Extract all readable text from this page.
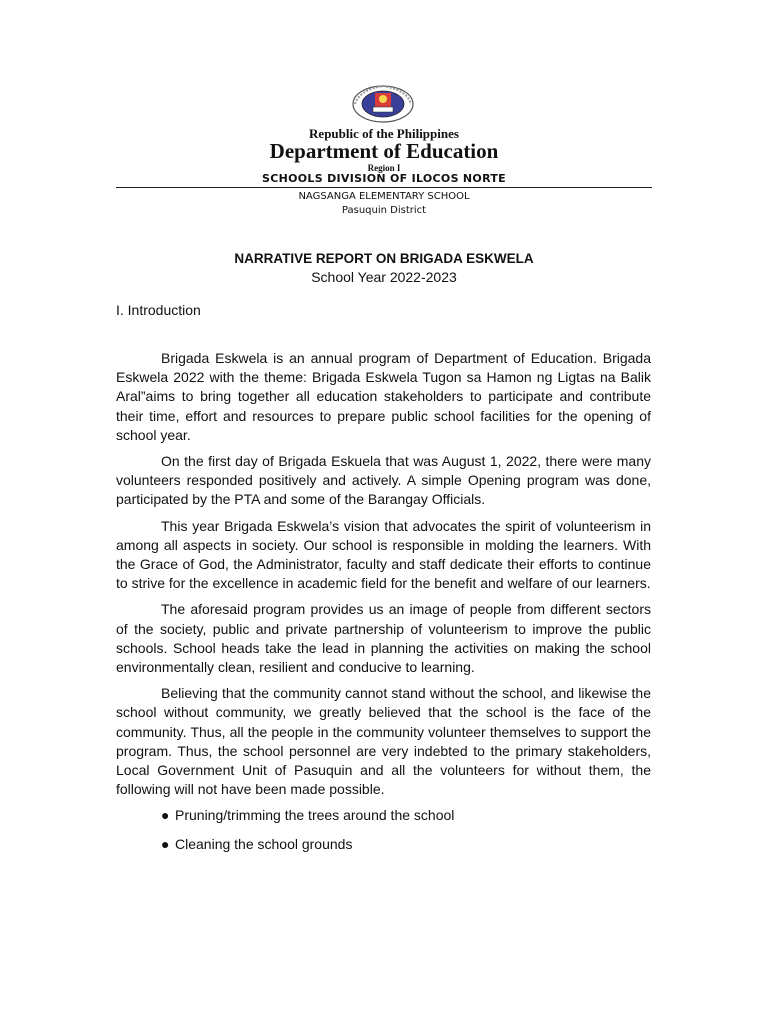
Republic of the Philippines
Department of Education
Region I
SCHOOLS DIVISION OF ILOCOS NORTE
NAGSANGA ELEMENTARY SCHOOL
Pasuquin District
NARRATIVE REPORT ON BRIGADA ESKWELA
School Year 2022-2023
I. Introduction

Brigada Eskwela is an annual program of Department of Education. Brigada Eskwela 2022 with the theme: Brigada Eskwela Tugon sa Hamon ng Ligtas na Balik Aral”aims to bring together all education stakeholders to participate and contribute their time, effort and resources to prepare public school facilities for the opening of school year.

On the first day of Brigada Eskuela that was August 1, 2022, there were many volunteers responded positively and actively. A simple Opening program was done, participated by the PTA and some of the Barangay Officials.

This year Brigada Eskwela’s vision that advocates the spirit of volunteerism in among all aspects in society. Our school is responsible in molding the learners. With the Grace of God, the Administrator, faculty and staff dedicate their efforts to continue to strive for the excellence in academic field for the benefit and welfare of our learners.

The aforesaid program provides us an image of people from different sectors of the society, public and private partnership of volunteerism to improve the public schools. School heads take the lead in planning the activities on making the school environmentally clean, resilient and conducive to learning.

Believing that the community cannot stand without the school, and likewise the school without community, we greatly believed that the school is the face of the community. Thus, all the people in the community volunteer themselves to support the program. Thus, the school personnel are very indebted to the primary stakeholders, Local Government Unit of Pasuquin and all the volunteers for without them, the following will not have been made possible.

● Pruning/trimming the trees around the school
● Cleaning the school grounds
